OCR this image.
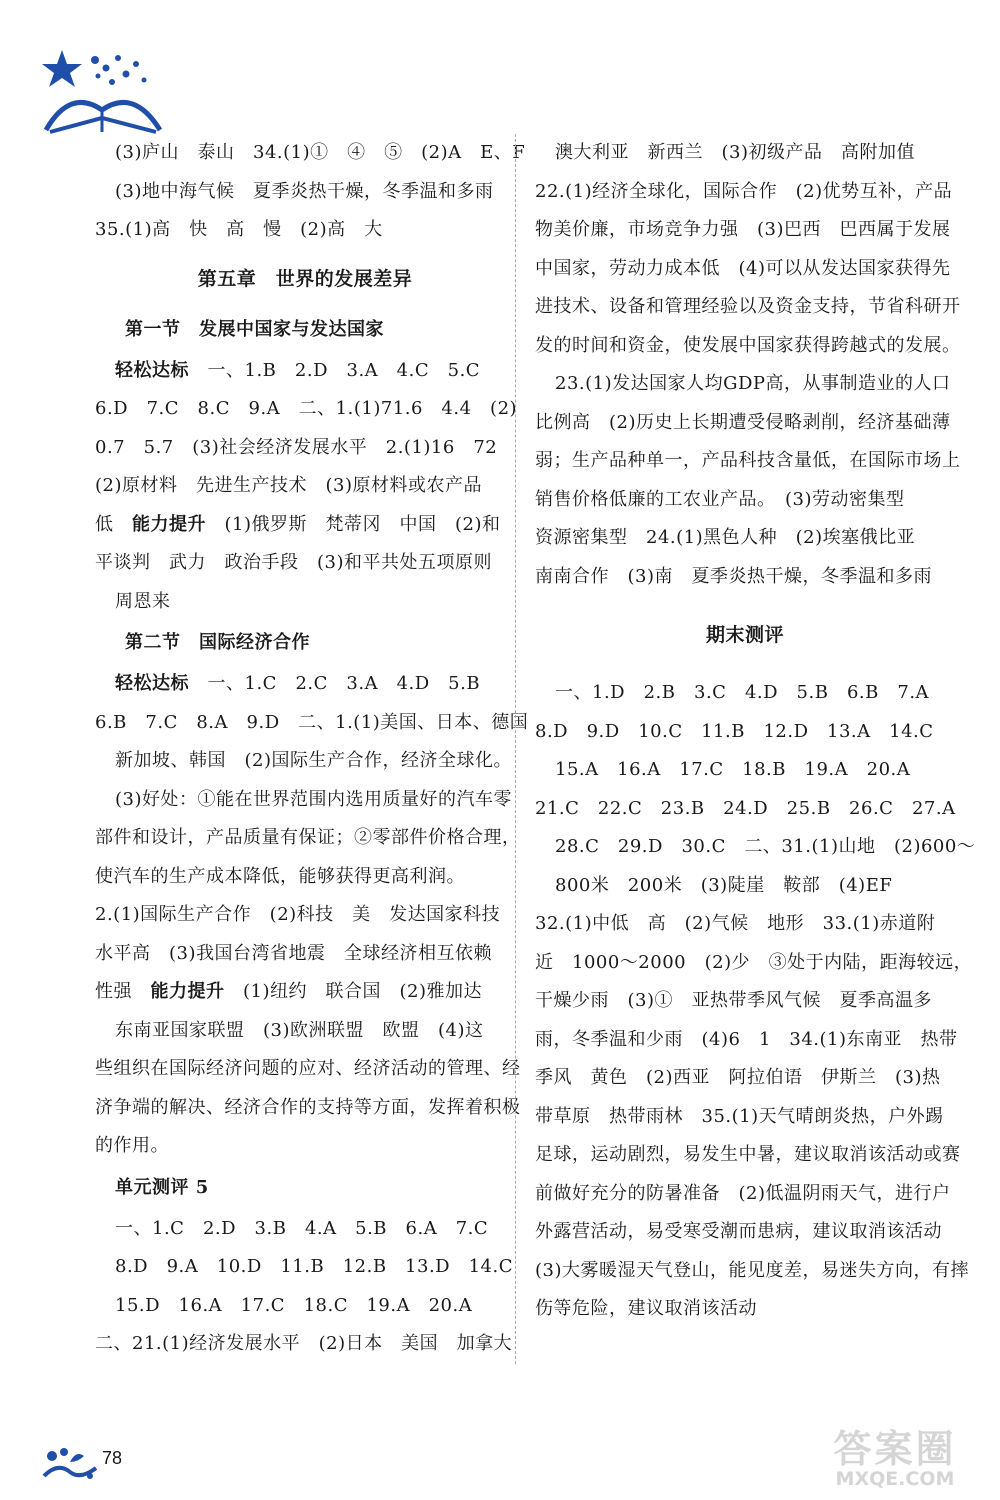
(3)庐山　泰山　34.(1)①　④　⑤　(2)A　E、F
(3)地中海气候　夏季炎热干燥，冬季温和多雨
35.(1)高　快　高　慢　(2)高　大
第五章　世界的发展差异
第一节　发展中国家与发达国家
轻松达标　一、1.B　2.D　3.A　4.C　5.C
6.D　7.C　8.C　9.A　二、1.(1)71.6　4.4　(2)
0.7　5.7　(3)社会经济发展水平　2.(1)16　72
(2)原材料　先进生产技术　(3)原材料或农产品
低　能力提升　(1)俄罗斯　梵蒂冈　中国　(2)和
平谈判　武力　政治手段　(3)和平共处五项原则
周恩来
第二节　国际经济合作
轻松达标　一、1.C　2.C　3.A　4.D　5.B
6.B　7.C　8.A　9.D　二、1.(1)美国、日本、德国
新加坡、韩国　(2)国际生产合作，经济全球化。
(3)好处：①能在世界范围内选用质量好的汽车零
部件和设计，产品质量有保证；②零部件价格合理，
使汽车的生产成本降低，能够获得更高利润。
2.(1)国际生产合作　(2)科技　美　发达国家科技
水平高　(3)我国台湾省地震　全球经济相互依赖
性强　能力提升　(1)纽约　联合国　(2)雅加达
东南亚国家联盟　(3)欧洲联盟　欧盟　(4)这
些组织在国际经济问题的应对、经济活动的管理、经
济争端的解决、经济合作的支持等方面，发挥着积极
的作用。
单元测评 5
一、1.C　2.D　3.B　4.A　5.B　6.A　7.C
8.D　9.A　10.D　11.B　12.B　13.D　14.C
15.D　16.A　17.C　18.C　19.A　20.A
二、21.(1)经济发展水平　(2)日本　美国　加拿大
澳大利亚　新西兰　(3)初级产品　高附加值
22.(1)经济全球化，国际合作　(2)优势互补，产品
物美价廉，市场竞争力强　(3)巴西　巴西属于发展
中国家，劳动力成本低　(4)可以从发达国家获得先
进技术、设备和管理经验以及资金支持，节省科研开
发的时间和资金，使发展中国家获得跨越式的发展。
23.(1)发达国家人均GDP高，从事制造业的人口
比例高　(2)历史上长期遭受侵略剥削，经济基础薄
弱；生产品种单一，产品科技含量低，在国际市场上
销售价格低廉的工农业产品。　(3)劳动密集型
资源密集型　24.(1)黑色人种　(2)埃塞俄比亚
南南合作　(3)南　夏季炎热干燥，冬季温和多雨
期末测评
一、1.D　2.B　3.C　4.D　5.B　6.B　7.A
8.D　9.D　10.C　11.B　12.D　13.A　14.C
15.A　16.A　17.C　18.B　19.A　20.A
21.C　22.C　23.B　24.D　25.B　26.C　27.A
28.C　29.D　30.C　二、31.(1)山地　(2)600～
800米　200米　(3)陡崖　鞍部　(4)EF
32.(1)中低　高　(2)气候　地形　33.(1)赤道附
近　1000～2000　(2)少　③处于内陆，距海较远，
干燥少雨　(3)①　亚热带季风气候　夏季高温多
雨，冬季温和少雨　(4)6　1　34.(1)东南亚　热带
季风　黄色　(2)西亚　阿拉伯语　伊斯兰　(3)热
带草原　热带雨林　35.(1)天气晴朗炎热，户外踢
足球，运动剧烈，易发生中暑，建议取消该活动或赛
前做好充分的防暑准备　(2)低温阴雨天气，进行户
外露营活动，易受寒受潮而患病，建议取消该活动
(3)大雾暖湿天气登山，能见度差，易迷失方向，有摔
伤等危险，建议取消该活动
78	答案圈
MXQE.COM
